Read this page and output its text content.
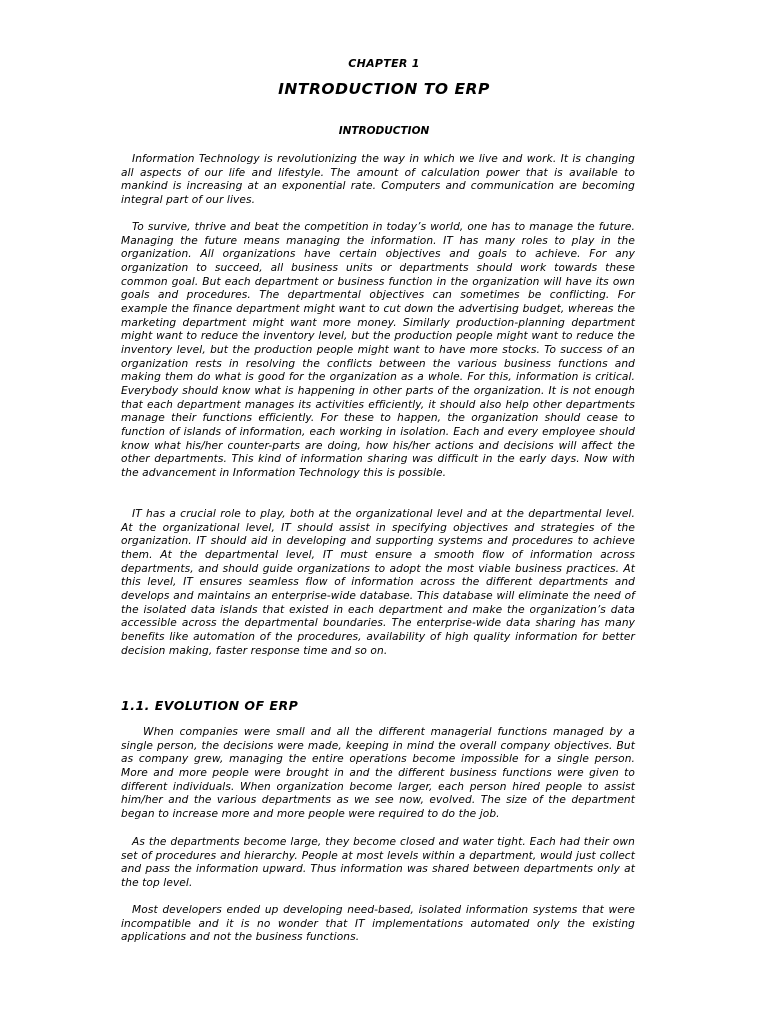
CHAPTER 1
INTRODUCTION TO ERP
INTRODUCTION

Information Technology is revolutionizing the way in which we live and work. It is changing all aspects of our life and lifestyle. The amount of calculation power that is available to mankind is increasing at an exponential rate. Computers and communication are becoming integral part of our lives.

To survive, thrive and beat the competition in today’s world, one has to manage the future. Managing the future means managing the information. IT has many roles to play in the organization. All organizations have certain objectives and goals to achieve. For any organization to succeed, all business units or departments should work towards these common goal. But each department or business function in the organization will have its own goals and procedures. The departmental objectives can sometimes be conflicting. For example the finance department might want to cut down the advertising budget, whereas the marketing department might want more money. Similarly production-planning department might want to reduce the inventory level, but the production people might want to reduce the inventory level, but the production people might want to have more stocks. To success of an organization rests in resolving the conflicts between the various business functions and making them do what is good for the organization as a whole. For this, information is critical. Everybody should know what is happening in other parts of the organization. It is not enough that each department manages its activities efficiently, it should also help other departments manage their functions efficiently. For these to happen, the organization should cease to function of islands of information, each working in isolation. Each and every employee should know what his/her counter-parts are doing, how his/her actions and decisions will affect the other departments. This kind of information sharing was difficult in the early days. Now with the advancement in Information Technology this is possible.

IT has a crucial role to play, both at the organizational level and at the departmental level. At the organizational level, IT should assist in specifying objectives and strategies of the organization. IT should aid in developing and supporting systems and procedures to achieve them. At the departmental level, IT must ensure a smooth flow of information across departments, and should guide organizations to adopt the most viable business practices. At this level, IT ensures seamless flow of information across the different departments and develops and maintains an enterprise-wide database. This database will eliminate the need of the isolated data islands that existed in each department and make the organization’s data accessible across the departmental boundaries. The enterprise-wide data sharing has many benefits like automation of the procedures, availability of high quality information for better decision making, faster response time and so on.

1.1. EVOLUTION OF ERP

When companies were small and all the different managerial functions managed by a single person, the decisions were made, keeping in mind the overall company objectives. But as company grew, managing the entire operations become impossible for a single person. More and more people were brought in and the different business functions were given to different individuals. When organization become larger, each person hired people to assist him/her and the various departments as we see now, evolved. The size of the department began to increase more and more people were required to do the job.

As the departments become large, they become closed and water tight. Each had their own set of procedures and hierarchy. People at most levels within a department, would just collect and pass the information upward. Thus information was shared between departments only at the top level.

Most developers ended up developing need-based, isolated information systems that were incompatible and it is no wonder that IT implementations automated only the existing applications and not the business functions.
